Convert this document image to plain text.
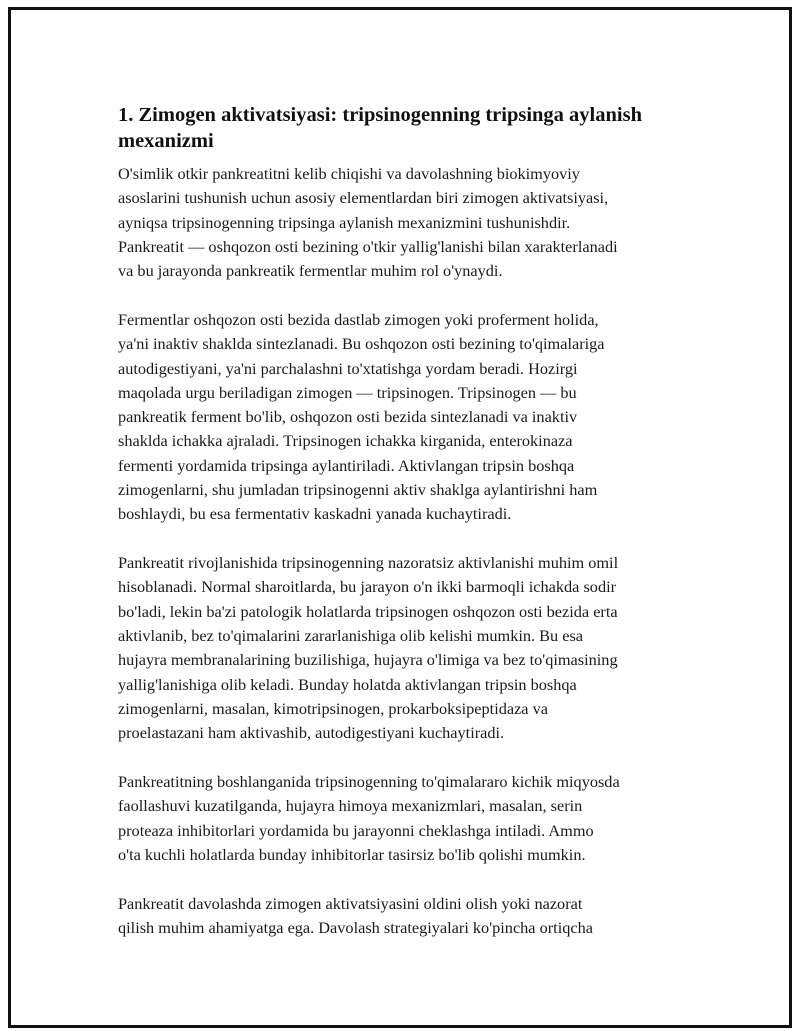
1. Zimogen aktivatsiyasi: tripsinogenning tripsinga aylanish
mexanizmi

O'simlik otkir pankreatitni kelib chiqishi va davolashning biokimyoviy
asoslarini tushunish uchun asosiy elementlardan biri zimogen aktivatsiyasi,
ayniqsa tripsinogenning tripsinga aylanish mexanizmini tushunishdir.
Pankreatit — oshqozon osti bezining o'tkir yallig'lanishi bilan xarakterlanadi
va bu jarayonda pankreatik fermentlar muhim rol o'ynaydi.

Fermentlar oshqozon osti bezida dastlab zimogen yoki proferment holida,
ya'ni inaktiv shaklda sintezlanadi. Bu oshqozon osti bezining to'qimalariga
autodigestiyani, ya'ni parchalashni to'xtatishga yordam beradi. Hozirgi
maqolada urgu beriladigan zimogen — tripsinogen. Tripsinogen — bu
pankreatik ferment bo'lib, oshqozon osti bezida sintezlanadi va inaktiv
shaklda ichakka ajraladi. Tripsinogen ichakka kirganida, enterokinaza
fermenti yordamida tripsinga aylantiriladi. Aktivlangan tripsin boshqa
zimogenlarni, shu jumladan tripsinogenni aktiv shaklga aylantirishni ham
boshlaydi, bu esa fermentativ kaskadni yanada kuchaytiradi.

Pankreatit rivojlanishida tripsinogenning nazoratsiz aktivlanishi muhim omil
hisoblanadi. Normal sharoitlarda, bu jarayon o'n ikki barmoqli ichakda sodir
bo'ladi, lekin ba'zi patologik holatlarda tripsinogen oshqozon osti bezida erta
aktivlanib, bez to'qimalarini zararlanishiga olib kelishi mumkin. Bu esa
hujayra membranalarining buzilishiga, hujayra o'limiga va bez to'qimasining
yallig'lanishiga olib keladi. Bunday holatda aktivlangan tripsin boshqa
zimogenlarni, masalan, kimotripsinogen, prokarboksipeptidaza va
proelastazani ham aktivashib, autodigestiyani kuchaytiradi.

Pankreatitning boshlanganida tripsinogenning to'qimalararo kichik miqyosda
faollashuvi kuzatilganda, hujayra himoya mexanizmlari, masalan, serin
proteaza inhibitorlari yordamida bu jarayonni cheklashga intiladi. Ammo
o'ta kuchli holatlarda bunday inhibitorlar tasirsiz bo'lib qolishi mumkin.

Pankreatit davolashda zimogen aktivatsiyasini oldini olish yoki nazorat
qilish muhim ahamiyatga ega. Davolash strategiyalari ko'pincha ortiqcha
